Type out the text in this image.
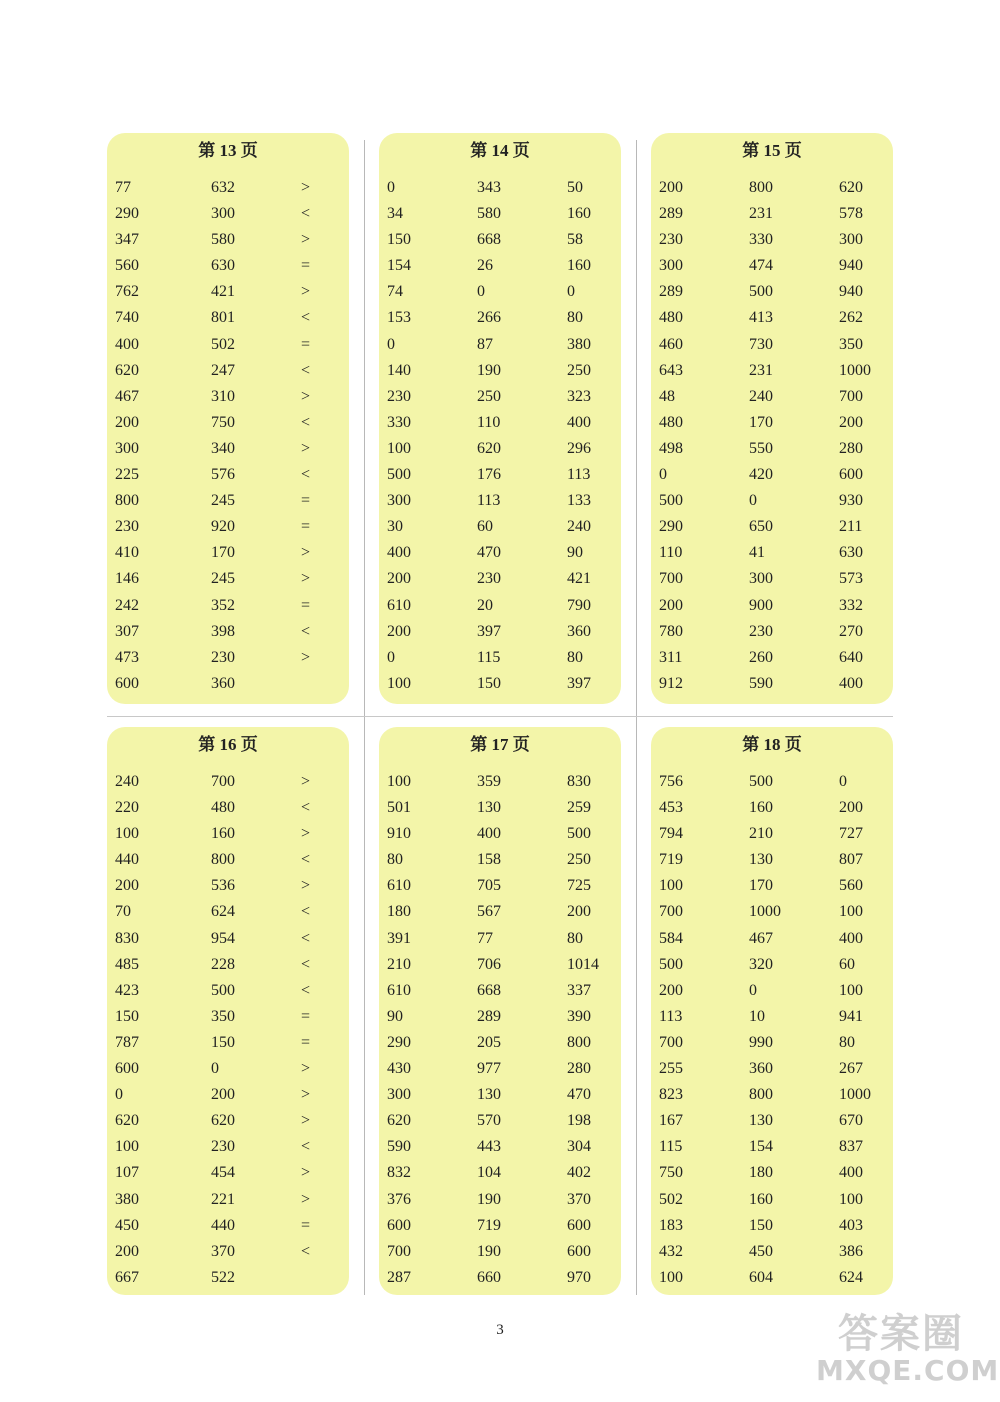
第 13 页
77	632	>
290	300	<
347	580	>
560	630	=
762	421	>
740	801	<
400	502	=
620	247	<
467	310	>
200	750	<
300	340	>
225	576	<
800	245	=
230	920	=
410	170	>
146	245	>
242	352	=
307	398	<
473	230	>
600	360
第 14 页
0	343	50
34	580	160
150	668	58
154	26	160
74	0	0
153	266	80
0	87	380
140	190	250
230	250	323
330	110	400
100	620	296
500	176	113
300	113	133
30	60	240
400	470	90
200	230	421
610	20	790
200	397	360
0	115	80
100	150	397
第 15 页
200	800	620
289	231	578
230	330	300
300	474	940
289	500	940
480	413	262
460	730	350
643	231	1000
48	240	700
480	170	200
498	550	280
0	420	600
500	0	930
290	650	211
110	41	630
700	300	573
200	900	332
780	230	270
311	260	640
912	590	400
第 16 页
240	700	>
220	480	<
100	160	>
440	800	<
200	536	>
70	624	<
830	954	<
485	228	<
423	500	<
150	350	=
787	150	=
600	0	>
0	200	>
620	620	>
100	230	<
107	454	>
380	221	>
450	440	=
200	370	<
667	522
第 17 页
100	359	830
501	130	259
910	400	500
80	158	250
610	705	725
180	567	200
391	77	80
210	706	1014
610	668	337
90	289	390
290	205	800
430	977	280
300	130	470
620	570	198
590	443	304
832	104	402
376	190	370
600	719	600
700	190	600
287	660	970
第 18 页
756	500	0
453	160	200
794	210	727
719	130	807
100	170	560
700	1000	100
584	467	400
500	320	60
200	0	100
113	10	941
700	990	80
255	360	267
823	800	1000
167	130	670
115	154	837
750	180	400
502	160	100
183	150	403
432	450	386
100	604	624
3	答案圈
MXQE.COM
